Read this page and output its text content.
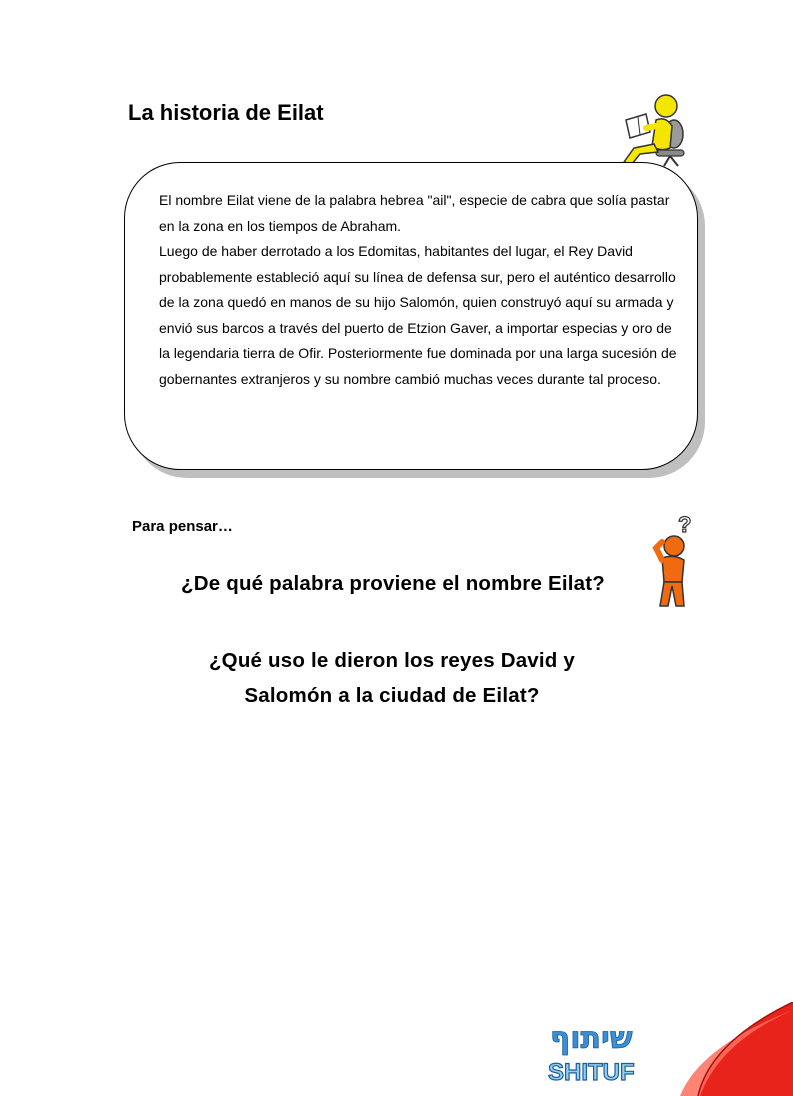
La historia de Eilat

El nombre Eilat viene de la palabra hebrea "ail", especie de cabra que solía pastar en la zona en los tiempos de Abraham.

Luego de haber derrotado a los Edomitas, habitantes del lugar, el Rey David probablemente estableció aquí su línea de defensa sur, pero el auténtico desarrollo de la zona quedó en manos de su hijo Salomón, quien construyó aquí su armada y envió sus barcos a través del puerto de Etzion Gaver, a importar especias y oro de la legendaria tierra de Ofir. Posteriormente fue dominada por una larga sucesión de gobernantes extranjeros y su nombre cambió muchas veces durante tal proceso.

Para pensar…	?

¿De qué palabra proviene el nombre Eilat?

¿Qué uso le dieron los reyes David y
Salomón a la ciudad de Eilat?

שיתוף
SHITUF
